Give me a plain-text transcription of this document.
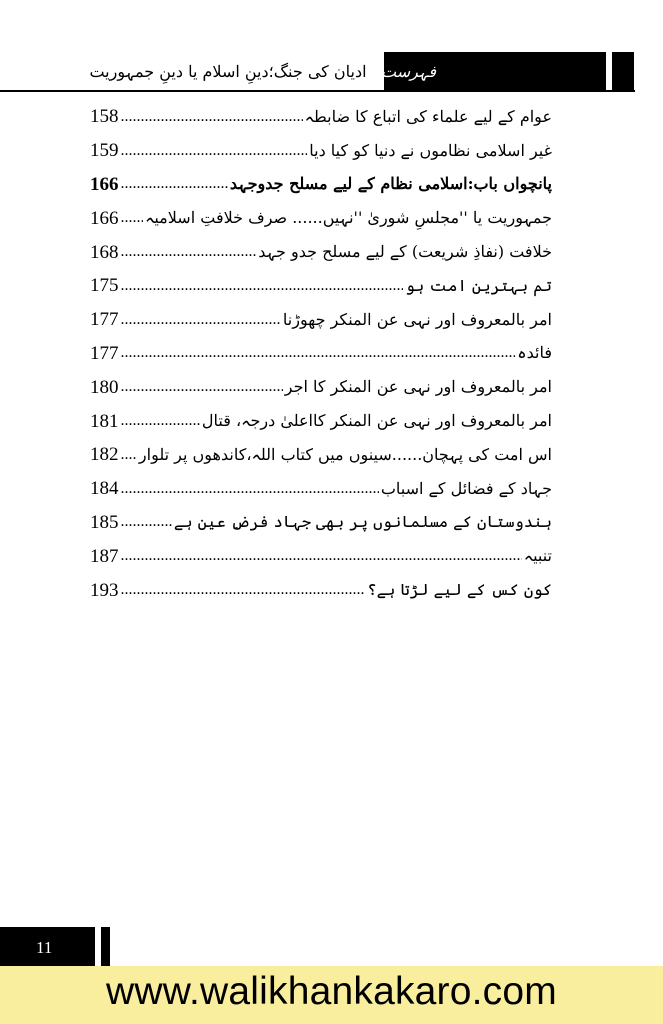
ادیان کی جنگ؛دینِ اسلام یا دینِ جمہوریت فہرست
عوام کے لیے علماء کی اتباع کا ضابطہ
.....
158
غیر اسلامی نظاموں نے دنیا کو کیا دیا
.....
159
پانچواں باب:اسلامی نظام کے لیے مسلح جدوجہد
.....
166
جمہوریت یا ''مجلسِ شوریٰ ''نہیں...... صرف خلافتِ اسلامیہ
.....
166
خلافت (نفاذِ شریعت) کے لیے مسلح جدو جہد
.....
168
تم بہترین امت ہو
.....
175
امر بالمعروف اور نہی عن المنکر چھوڑنا
.....
177
فائدہ
.....
177
امر بالمعروف اور نہی عن المنکر کا اجر
.....
180
امر بالمعروف اور نہی عن المنکر کااعلیٰ درجہ، قتال
.....
181
اس امت کی پہچان......سینوں میں کتاب اللہ،کاندھوں پر تلوار
.....
182
جہاد کے فضائل کے اسباب
.....
184
ہندوستان کے مسلمانوں پر بھی جہاد فرضِ عین ہے
.....
185
تنبیہ
.....
187
کون کس کے لیے لڑتا ہے؟
.....
193
11
www.walikhankakaro.com
